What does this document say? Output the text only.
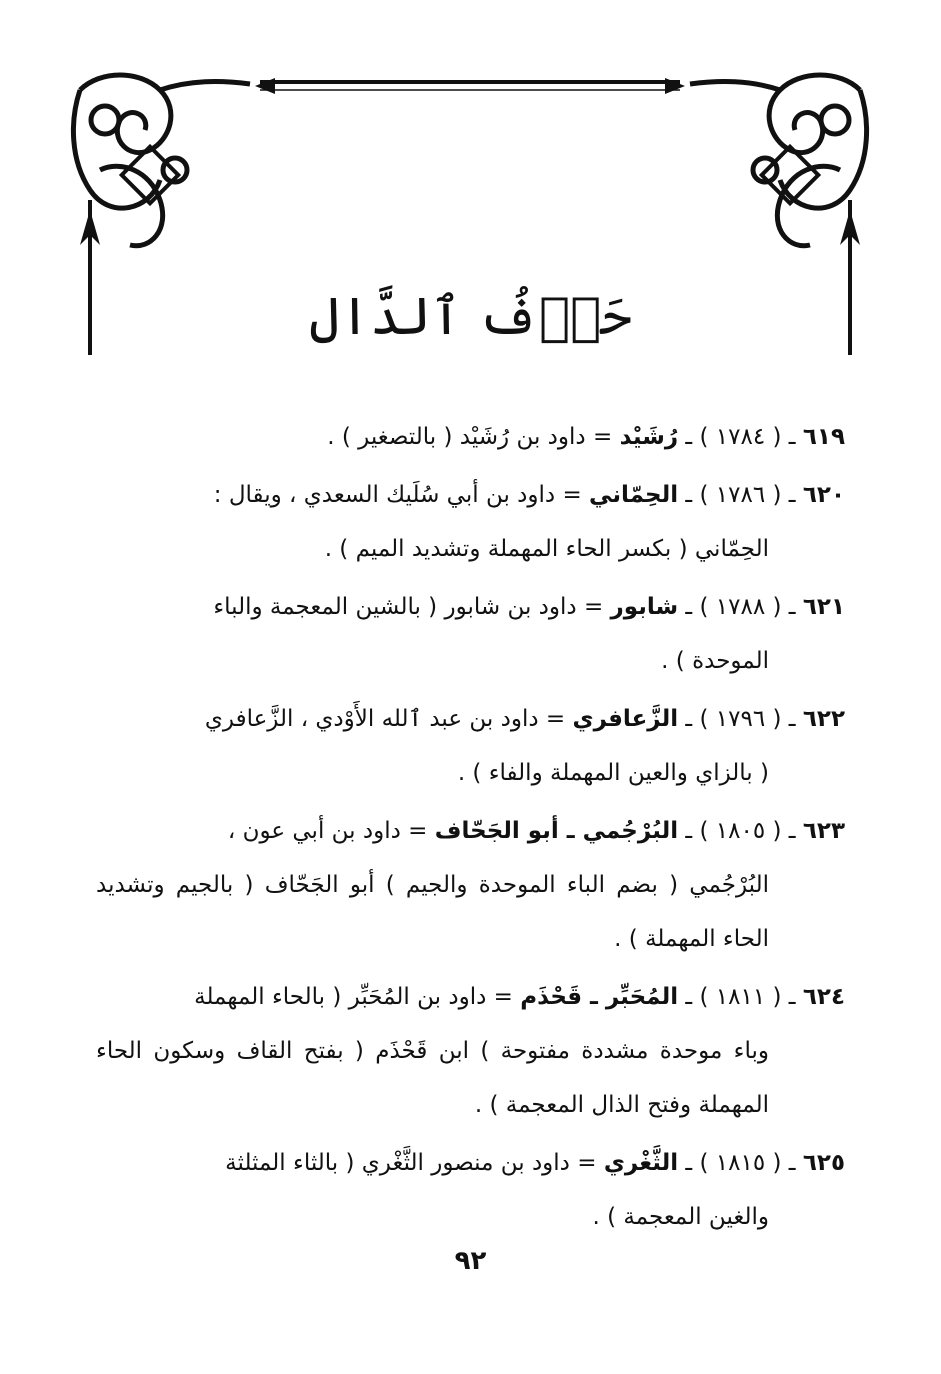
حَرۡفُ ٱلدَّال

٦١٩ ـ ( ١٧٨٤ ) ـ رُشَيْد = داود بن رُشَيْد ( بالتصغير ) .

٦٢٠ ـ ( ١٧٨٦ ) ـ الحِمّاني = داود بن أبي سُلَيك السعدي ، ويقال :
الحِمّاني ( بكسر الحاء المهملة وتشديد الميم ) .

٦٢١ ـ ( ١٧٨٨ ) ـ شابور = داود بن شابور ( بالشين المعجمة والباء
الموحدة ) .

٦٢٢ ـ ( ١٧٩٦ ) ـ الزَّعافري = داود بن عبد ٱلله الأَوْدي ، الزَّعافري
( بالزاي والعين المهملة والفاء ) .

٦٢٣ ـ ( ١٨٠٥ ) ـ البُرْجُمي ـ أبو الجَحّاف = داود بن أبي عون ،
البُرْجُمي ( بضم الباء الموحدة والجيم ) أبو الجَحّاف ( بالجيم وتشديد الحاء المهملة ) .

٦٢٤ ـ ( ١٨١١ ) ـ المُحَبِّر ـ قَحْذَم = داود بن المُحَبِّر ( بالحاء المهملة
وباء موحدة مشددة مفتوحة ) ابن قَحْذَم ( بفتح القاف وسكون الحاء المهملة وفتح الذال المعجمة ) .

٦٢٥ ـ ( ١٨١٥ ) ـ الثَّغْري = داود بن منصور الثَّغْري ( بالثاء المثلثة
والغين المعجمة ) .

٩٢
